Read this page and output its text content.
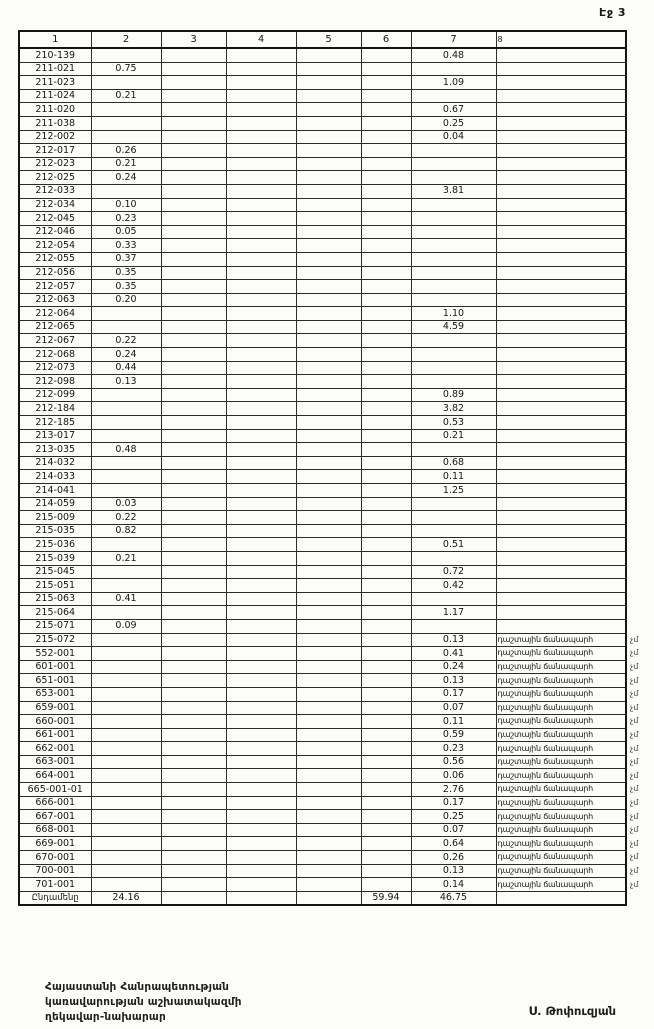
Էջ 3
1	2	3	4	5	6	7	8	
210-139						0.48		
211-021	0.75							
211-023						1.09		
211-024	0.21							
211-020						0.67		
211-038						0.25		
212-002						0.04		
212-017	0.26							
212-023	0.21							
212-025	0.24							
212-033						3.81		
212-034	0.10							
212-045	0.23							
212-046	0.05							
212-054	0.33							
212-055	0.37							
212-056	0.35							
212-057	0.35							
212-063	0.20							
212-064						1.10		
212-065						4.59		
212-067	0.22							
212-068	0.24							
212-073	0.44							
212-098	0.13							
212-099						0.89		
212-184						3.82		
212-185						0.53		
213-017						0.21		
213-035	0.48							
214-032						0.68		
214-033						0.11		
214-041						1.25		
214-059	0.03							
215-009	0.22							
215-035	0.82							
215-036						0.51		
215-039	0.21							
215-045						0.72		
215-051						0.42		
215-063	0.41							
215-064						1.17		
215-071	0.09							
215-072						0.13	դաշտային ճանապարհ	չմ
552-001						0.41	դաշտային ճանապարհ	չմ
601-001						0.24	դաշտային ճանապարհ	չմ
651-001						0.13	դաշտային ճանապարհ	չմ
653-001						0.17	դաշտային ճանապարհ	չմ
659-001						0.07	դաշտային ճանապարհ	չմ
660-001						0.11	դաշտային ճանապարհ	չմ
661-001						0.59	դաշտային ճանապարհ	չմ
662-001						0.23	դաշտային ճանապարհ	չմ
663-001						0.56	դաշտային ճանապարհ	չմ
664-001						0.06	դաշտային ճանապարհ	չմ
665-001-01						2.76	դաշտային ճանապարհ	չմ
666-001						0.17	դաշտային ճանապարհ	չմ
667-001						0.25	դաշտային ճանապարհ	չմ
668-001						0.07	դաշտային ճանապարհ	չմ
669-001						0.64	դաշտային ճանապարհ	չմ
670-001						0.26	դաշտային ճանապարհ	չմ
700-001						0.13	դաշտային ճանապարհ	չմ
701-001						0.14	դաշտային ճանապարհ	չմ
Ընդամենը	24.16				59.94	46.75		
Հայաստանի Հանրապետության
կառավարության աշխատակազմի
ղեկավար-նախարար	Ս. Թոփուզյան
